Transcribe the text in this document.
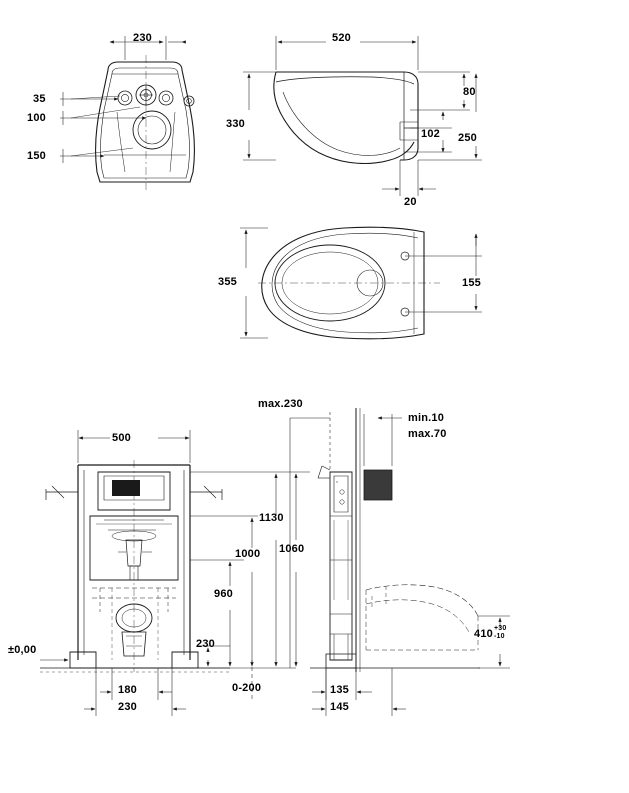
230
35
100
150
520
330
80
102 250
20
355	155
500
1130
1000
960
230
±0,00
180
230
0-200
max.230
min.10
max.70
1060
410 +30
-10

135
145
